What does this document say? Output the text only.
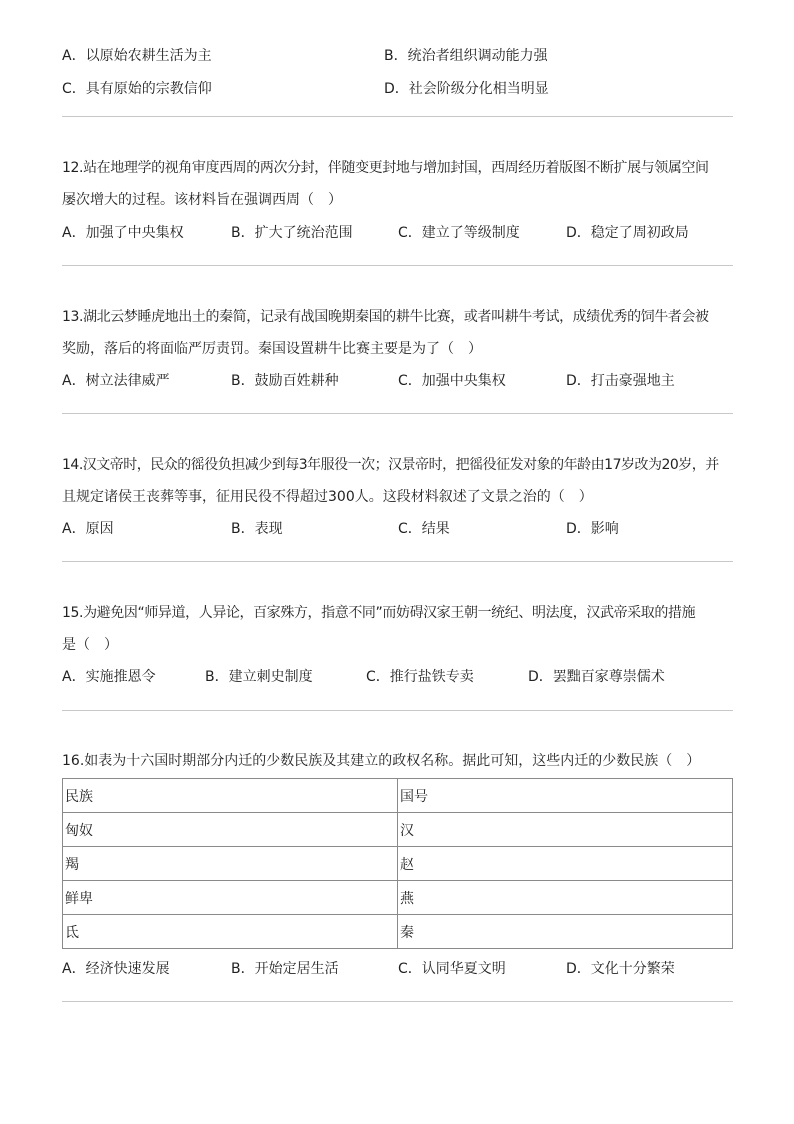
A．以原始农耕生活为主	B．统治者组织调动能力强
C．具有原始的宗教信仰	D．社会阶级分化相当明显
12.站在地理学的视角审度西周的两次分封，伴随变更封地与增加封国，西周经历着版图不断扩展与领属空间
屡次增大的过程。该材料旨在强调西周（　）
A．加强了中央集权	B．扩大了统治范围	C．建立了等级制度	D．稳定了周初政局
13.湖北云梦睡虎地出土的秦简，记录有战国晚期秦国的耕牛比赛，或者叫耕牛考试，成绩优秀的饲牛者会被
奖励，落后的将面临严厉责罚。秦国设置耕牛比赛主要是为了（　）
A．树立法律威严	B．鼓励百姓耕种	C．加强中央集权	D．打击豪强地主
14.汉文帝时，民众的徭役负担减少到每3年服役一次；汉景帝时，把徭役征发对象的年龄由17岁改为20岁，并
且规定诸侯王丧葬等事，征用民役不得超过300人。这段材料叙述了文景之治的（　）
A．原因	B．表现	C．结果	D．影响
15.为避免因“师异道，人异论，百家殊方，指意不同”而妨碍汉家王朝一统纪、明法度，汉武帝采取的措施
是（　）
A．实施推恩令	B．建立刺史制度	C．推行盐铁专卖	D．罢黜百家尊崇儒术
16.如表为十六国时期部分内迁的少数民族及其建立的政权名称。据此可知，这些内迁的少数民族（　）
民族	国号
匈奴	汉
羯	赵
鲜卑	燕
氐	秦
A．经济快速发展	B．开始定居生活	C．认同华夏文明	D．文化十分繁荣
